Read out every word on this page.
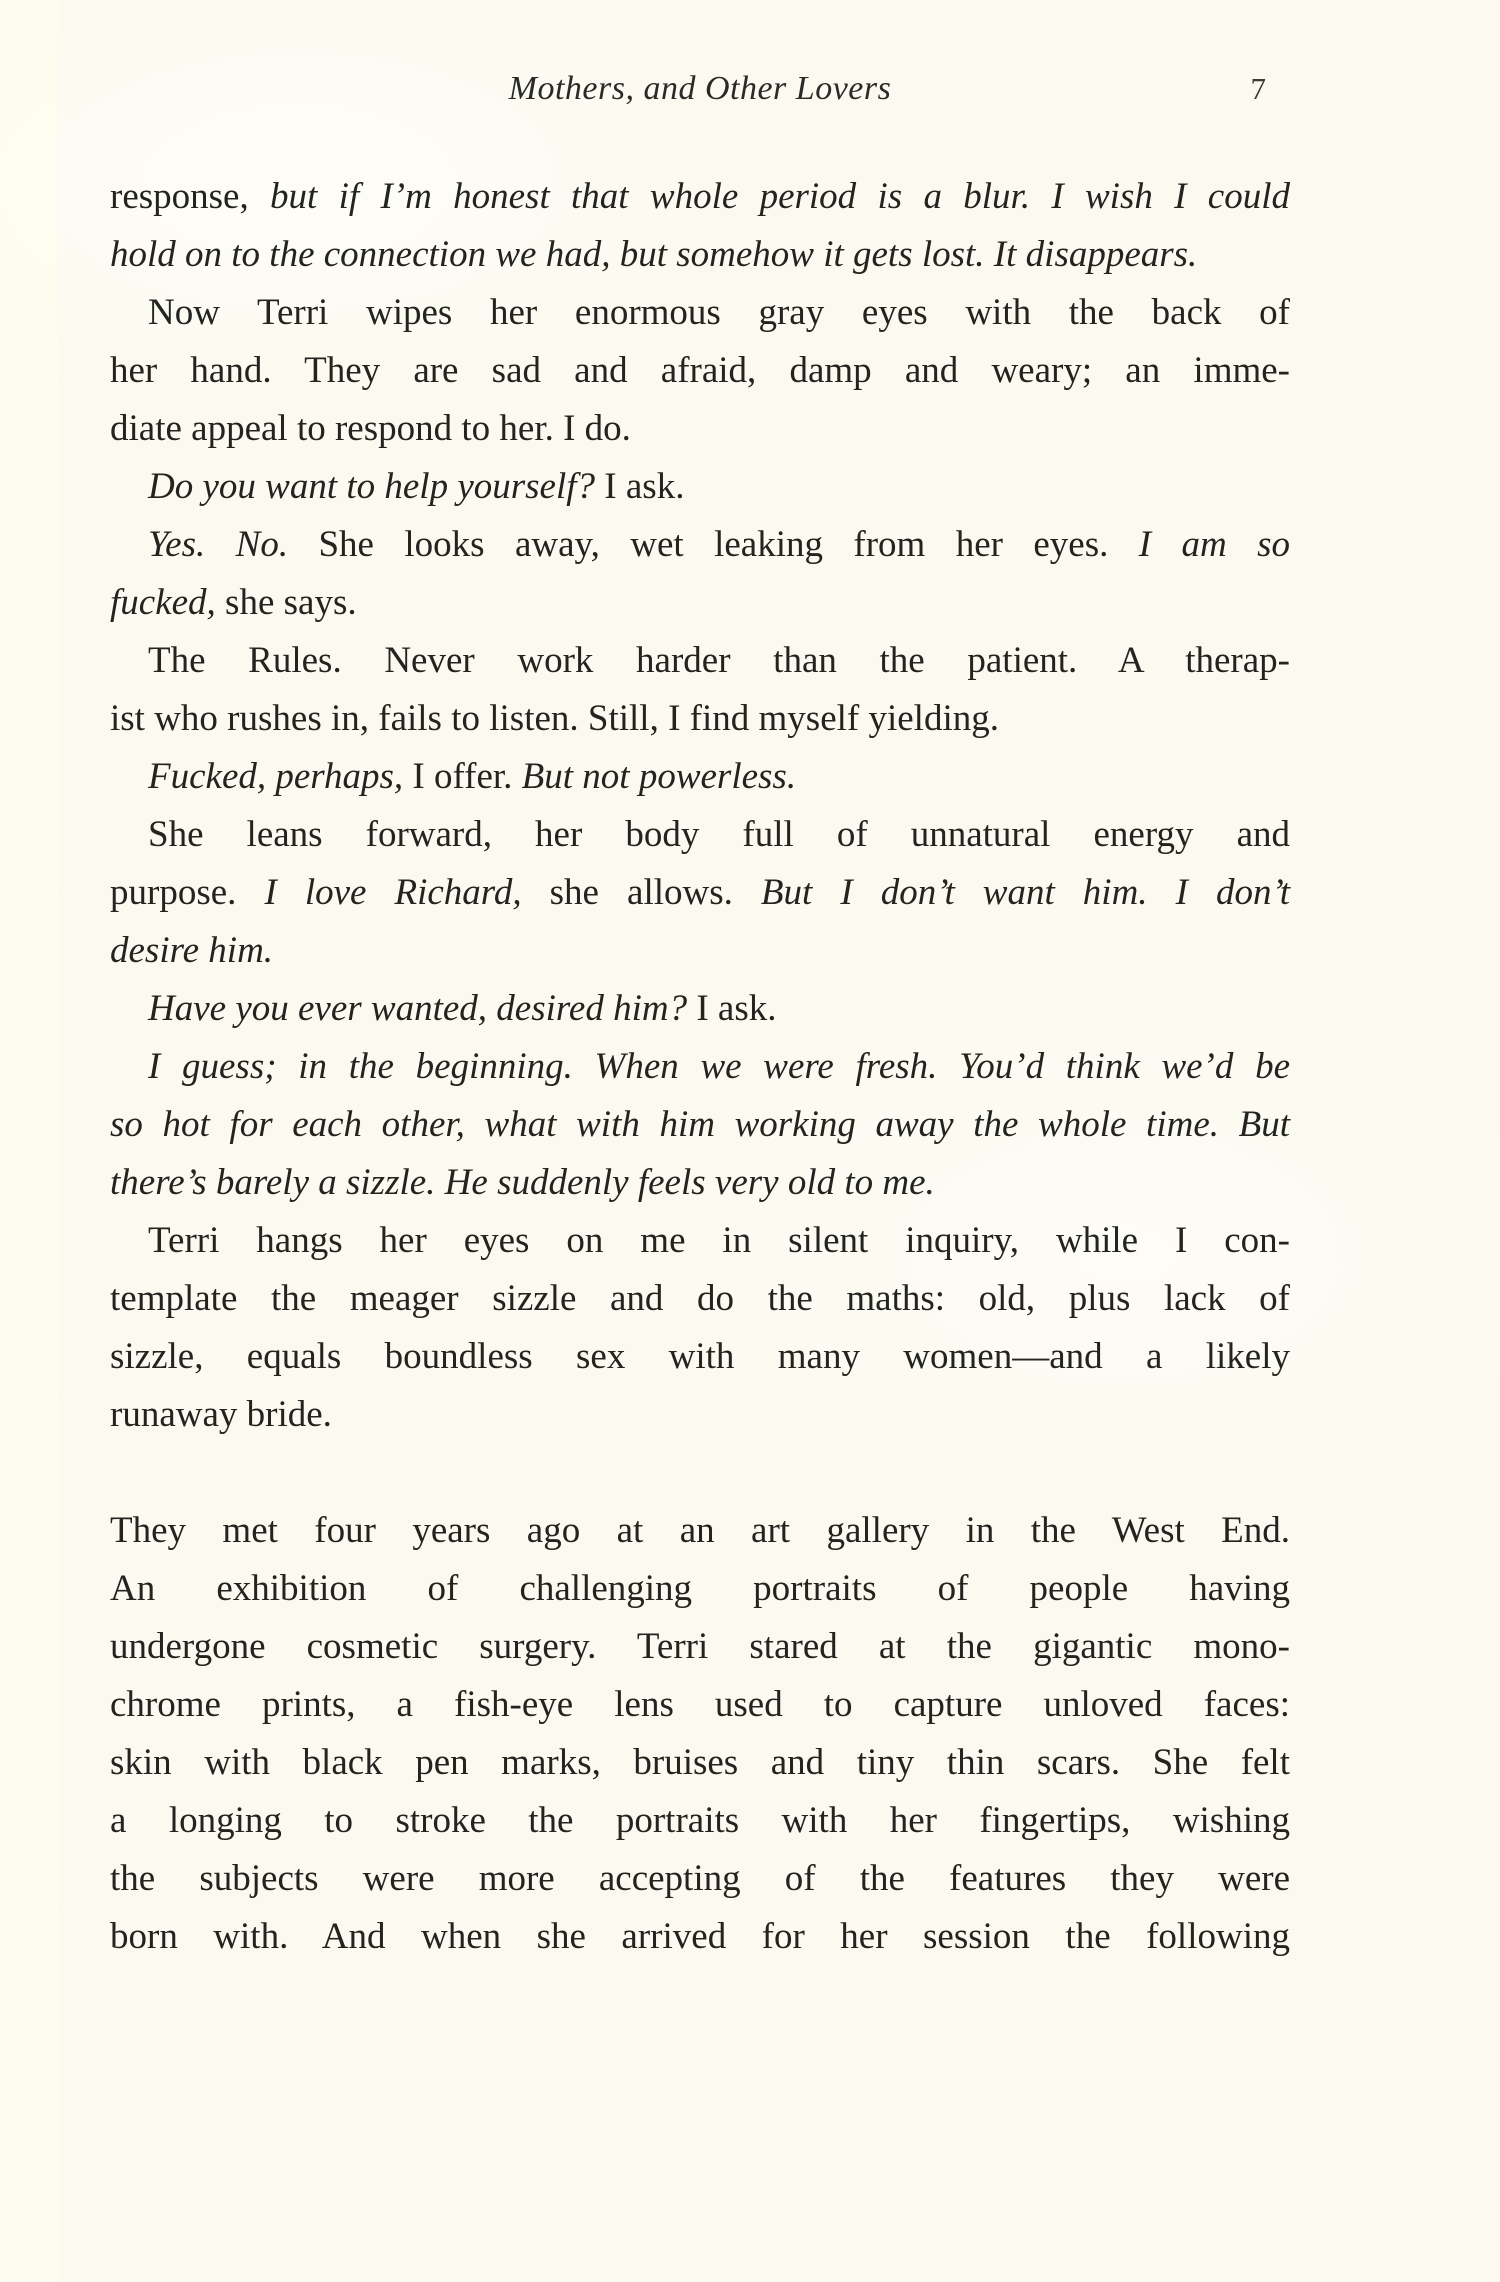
Mothers, and Other Lovers	7
response, but if I’m honest that whole period is a blur. I wish I could
hold on to the connection we had, but somehow it gets lost. It disappears.
Now Terri wipes her enormous gray eyes with the back of
her hand. They are sad and afraid, damp and weary; an imme-
diate appeal to respond to her. I do.
Do you want to help yourself? I ask.
Yes. No. She looks away, wet leaking from her eyes. I am so
fucked, she says.
The Rules. Never work harder than the patient. A therap-
ist who rushes in, fails to listen. Still, I find myself yielding.
Fucked, perhaps, I offer. But not powerless.
She leans forward, her body full of unnatural energy and
purpose. I love Richard, she allows. But I don’t want him. I don’t
desire him.
Have you ever wanted, desired him? I ask.
I guess; in the beginning. When we were fresh. You’d think we’d be
so hot for each other, what with him working away the whole time. But
there’s barely a sizzle. He suddenly feels very old to me.
Terri hangs her eyes on me in silent inquiry, while I con-
template the meager sizzle and do the maths: old, plus lack of
sizzle, equals boundless sex with many women—and a likely
runaway bride.
They met four years ago at an art gallery in the West End.
An exhibition of challenging portraits of people having
undergone cosmetic surgery. Terri stared at the gigantic mono-
chrome prints, a fish-eye lens used to capture unloved faces:
skin with black pen marks, bruises and tiny thin scars. She felt
a longing to stroke the portraits with her fingertips, wishing
the subjects were more accepting of the features they were
born with. And when she arrived for her session the following
